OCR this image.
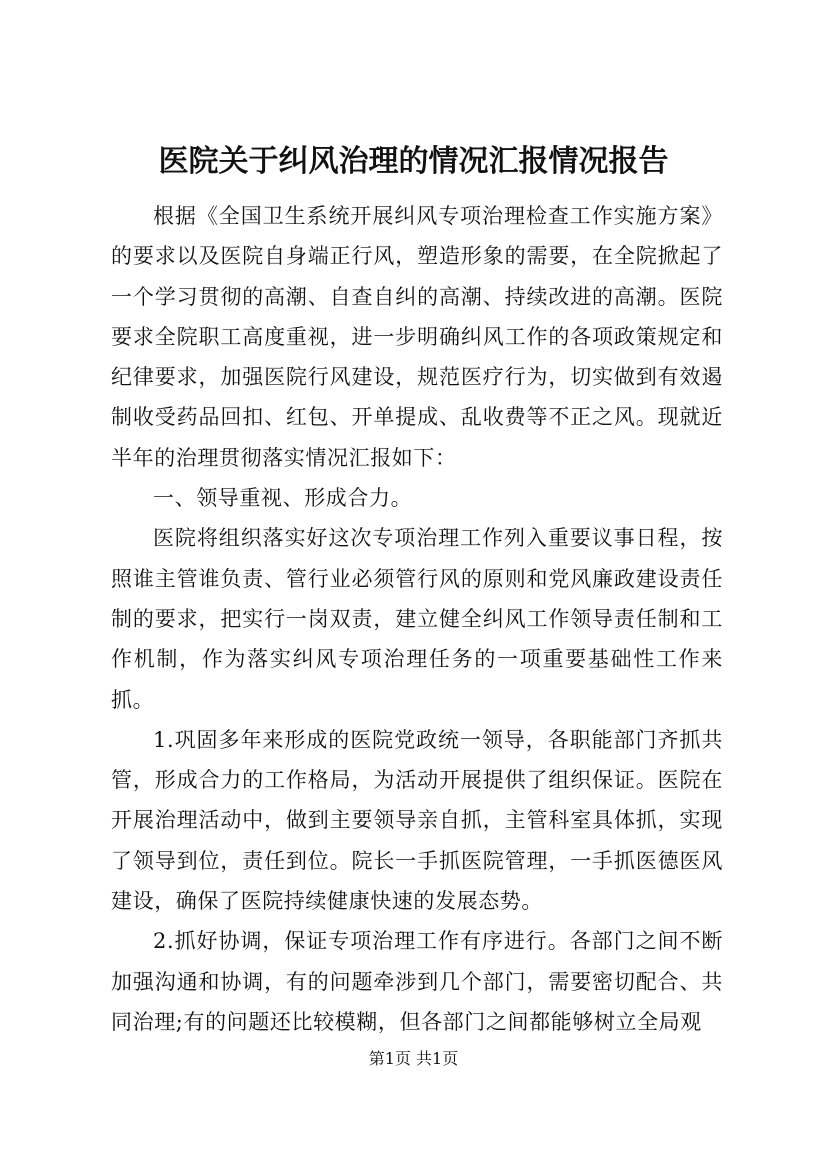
医院关于纠风治理的情况汇报情况报告

根据《全国卫生系统开展纠风专项治理检查工作实施方案》的要求以及医院自身端正行风，塑造形象的需要，在全院掀起了一个学习贯彻的高潮、自查自纠的高潮、持续改进的高潮。医院要求全院职工高度重视，进一步明确纠风工作的各项政策规定和纪律要求，加强医院行风建设，规范医疗行为，切实做到有效遏制收受药品回扣、红包、开单提成、乱收费等不正之风。现就近半年的治理贯彻落实情况汇报如下：

一、领导重视、形成合力。

医院将组织落实好这次专项治理工作列入重要议事日程，按照谁主管谁负责、管行业必须管行风的原则和党风廉政建设责任制的要求，把实行一岗双责，建立健全纠风工作领导责任制和工作机制，作为落实纠风专项治理任务的一项重要基础性工作来抓。

1.巩固多年来形成的医院党政统一领导，各职能部门齐抓共管，形成合力的工作格局，为活动开展提供了组织保证。医院在开展治理活动中，做到主要领导亲自抓，主管科室具体抓，实现了领导到位，责任到位。院长一手抓医院管理，一手抓医德医风建设，确保了医院持续健康快速的发展态势。

2.抓好协调，保证专项治理工作有序进行。各部门之间不断加强沟通和协调，有的问题牵涉到几个部门，需要密切配合、共同治理;有的问题还比较模糊，但各部门之间都能够树立全局观

第1页 共1页
